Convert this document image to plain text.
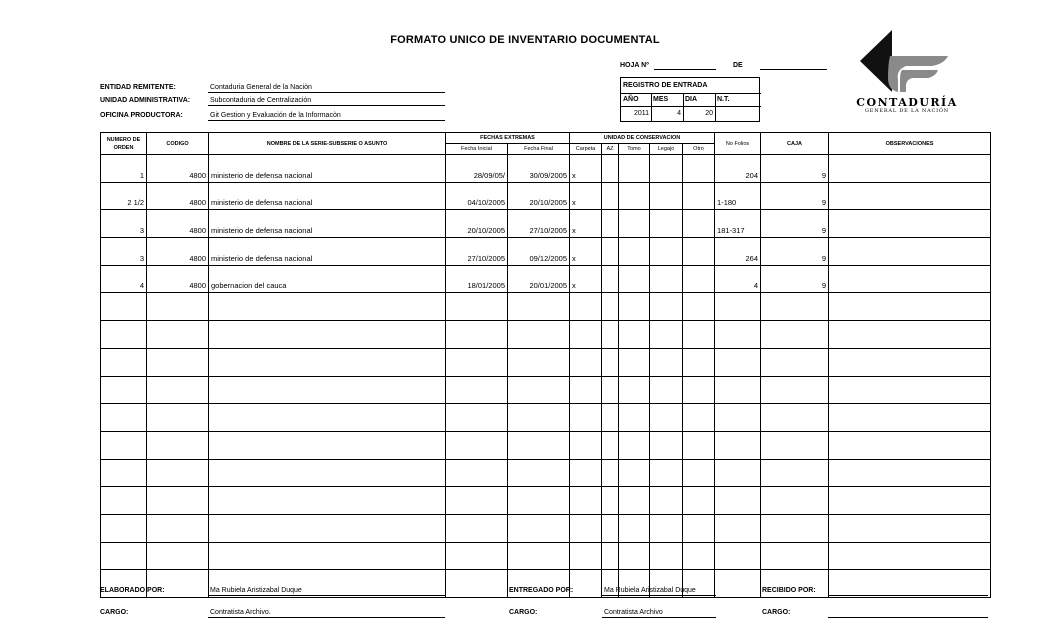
FORMATO UNICO DE INVENTARIO DOCUMENTAL
HOJA Nº	DE
ENTIDAD REMITENTE:	Contaduria General de la Naciòn
UNIDAD ADMINISTRATIVA:	Subcontaduria de Centralización
OFICINA PRODUCTORA:	Git Gestion y Evaluación de la Informacòn
REGISTRO DE ENTRADA
AÑO MES DIA	N.T.
2011	4	20
CONTADURÍA
GENERAL DE LA NACIÓN
NUMERO DE ORDEN	CODIGO	NOMBRE DE LA SERIE-SUBSERIE O ASUNTO	FECHAS EXTREMAS		UNIDAD DE CONSERVACION					No Folios	CAJA	OBSERVACIONES
			Fecha Inicial	Fecha Final	Carpeta	AZ	Tomo	Legajo	Otro			
1	4800	ministerio de defensa nacional	28/09/05/	30/09/2005	x					204	9	
2 1/2	4800	ministerio de defensa nacional	04/10/2005	20/10/2005	x					1-180	9	
3	4800	ministerio de defensa nacional	20/10/2005	27/10/2005	x					181-317	9	
3	4800	ministerio de defensa nacional	27/10/2005	09/12/2005	x					264	9	
4	4800	gobernacion del cauca	18/01/2005	20/01/2005	x					4	9	

ELABORADO POR:	Ma Rubiela Aristizabal Duque
CARGO:	Contratista Archivo.
ENTREGADO POR:	Ma Rubiela Aristizabal Duque
CARGO:	Contratista Archivo
RECIBIDO POR:
CARGO:
